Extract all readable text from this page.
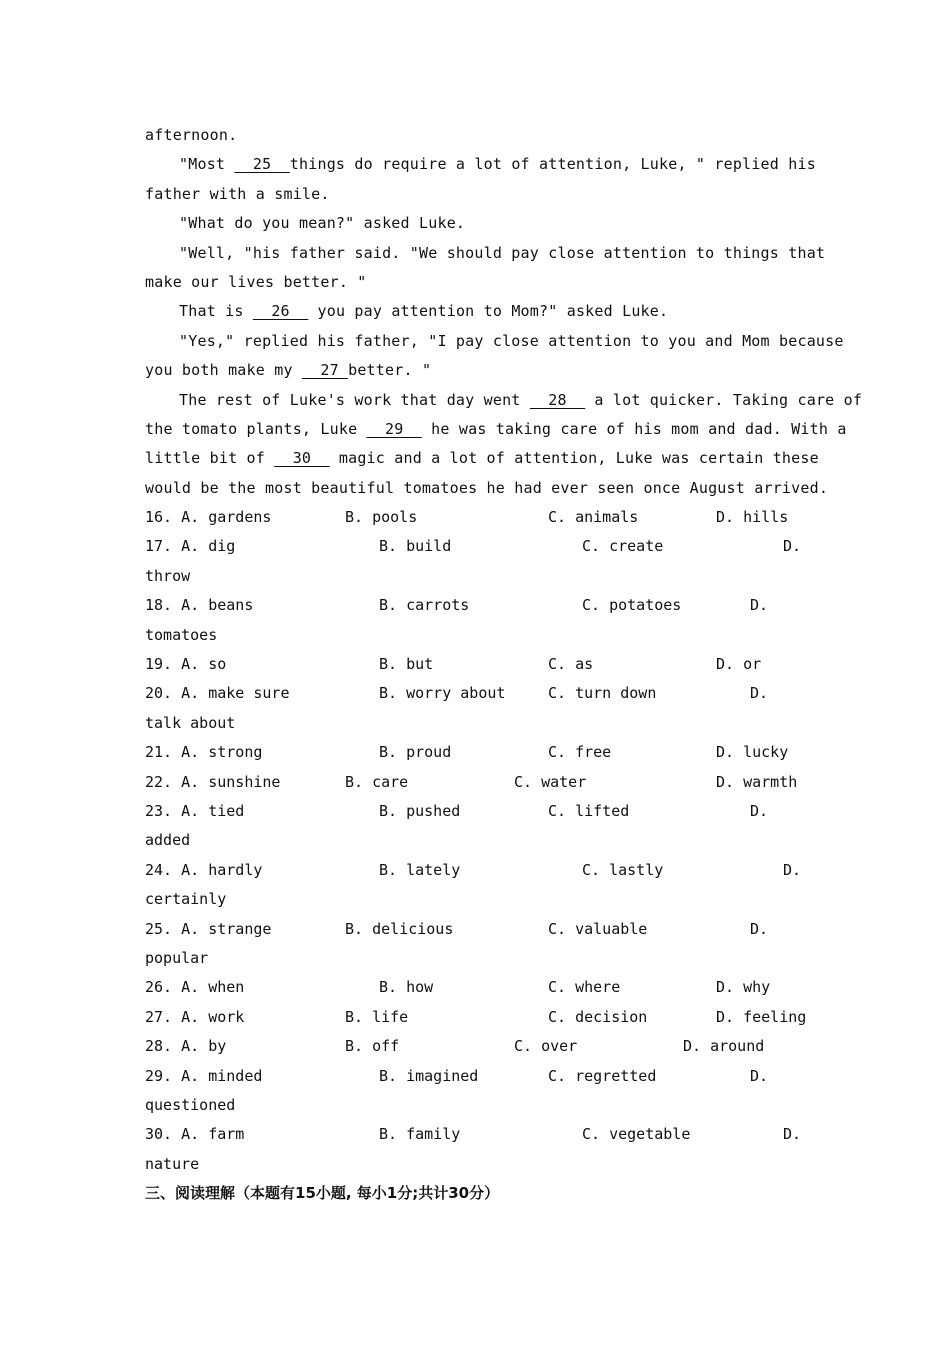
afternoon.
"Most   25  things do require a lot of attention, Luke, " replied his
father with a smile.
"What do you mean?" asked Luke.
"Well, "his father said. "We should pay close attention to things that
make our lives better. "
That is   26   you pay attention to Mom?" asked Luke.
"Yes," replied his father, "I pay close attention to you and Mom because
you both make my   27 better. "
The rest of Luke's work that day went   28   a lot quicker. Taking care of
the tomato plants, Luke   29   he was taking care of his mom and dad. With a
little bit of   30   magic and a lot of attention, Luke was certain these
would be the most beautiful tomatoes he had ever seen once August arrived.
16. A. gardens	B. pools	C. animals	D. hills
17. A. dig	B. build	C. create	D.
throw
18. A. beans	B. carrots	C. potatoes	D.
tomatoes
19. A. so	B. but	C. as	D. or
20. A. make sure	B. worry about	C. turn down	D.
talk about
21. A. strong	B. proud	C. free	D. lucky
22. A. sunshine	B. care	C. water	D. warmth
23. A. tied	B. pushed	C. lifted	D.
added
24. A. hardly	B. lately	C. lastly	D.
certainly
25. A. strange	B. delicious	C. valuable	D.
popular
26. A. when	B. how	C. where	D. why
27. A. work	B. life	C. decision	D. feeling
28. A. by	B. off	C. over	D. around
29. A. minded	B. imagined	C. regretted	D.
questioned
30. A. farm	B. family	C. vegetable	D.
nature
三、阅读理解（本题有15小题, 每小1分;共计30分）
